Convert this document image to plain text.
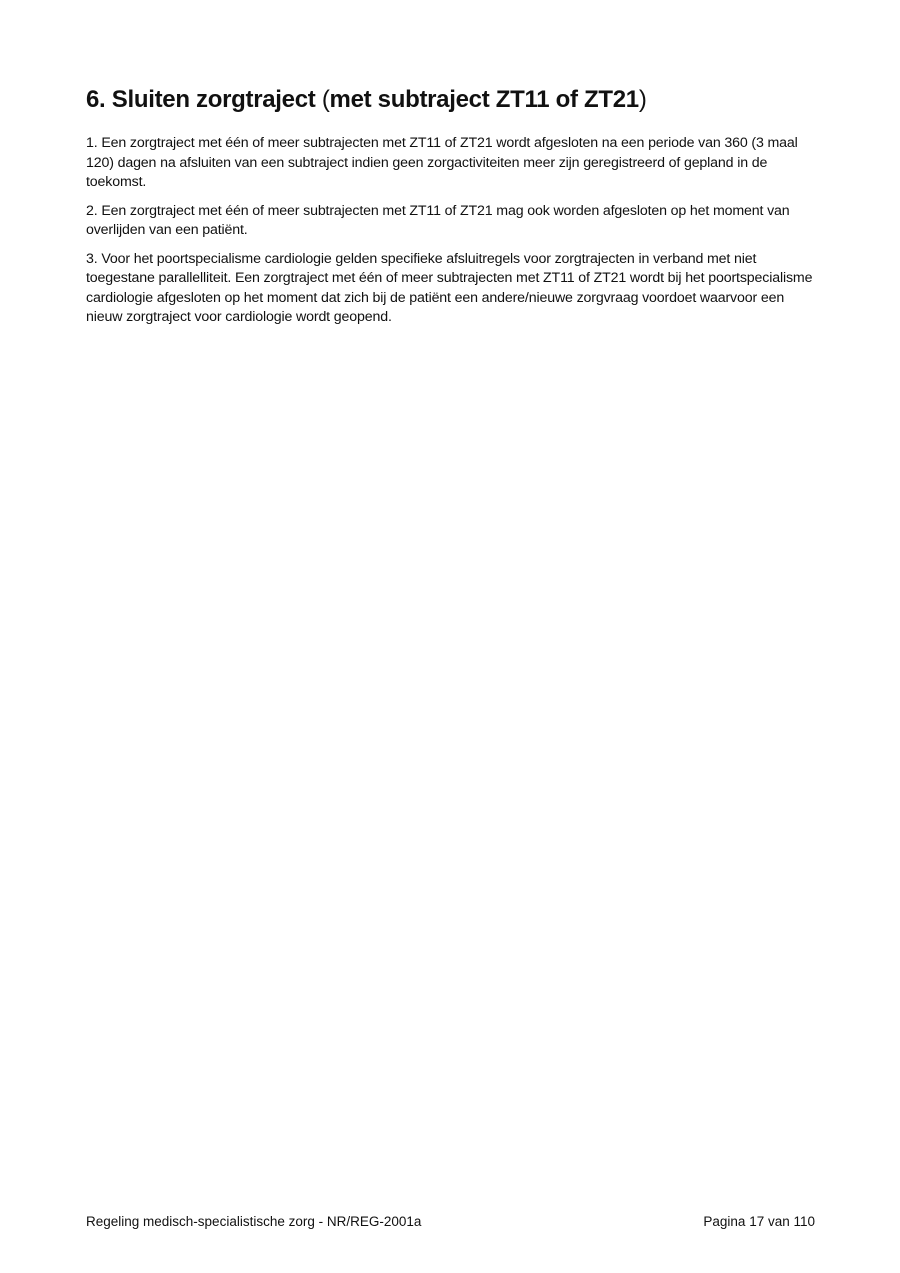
6. Sluiten zorgtraject (met subtraject ZT11 of ZT21)

1. Een zorgtraject met één of meer subtrajecten met ZT11 of ZT21 wordt afgesloten na een periode van 360 (3 maal 120) dagen na afsluiten van een subtraject indien geen zorgactiviteiten meer zijn geregistreerd of gepland in de toekomst.

2. Een zorgtraject met één of meer subtrajecten met ZT11 of ZT21 mag ook worden afgesloten op het moment van overlijden van een patiënt.

3. Voor het poortspecialisme cardiologie gelden specifieke afsluitregels voor zorgtrajecten in verband met niet toegestane parallelliteit. Een zorgtraject met één of meer subtrajecten met ZT11 of ZT21 wordt bij het poortspecialisme cardiologie afgesloten op het moment dat zich bij de patiënt een andere/nieuwe zorgvraag voordoet waarvoor een nieuw zorgtraject voor cardiologie wordt geopend.

Regeling medisch-specialistische zorg - NR/REG-2001a	Pagina 17 van 110
